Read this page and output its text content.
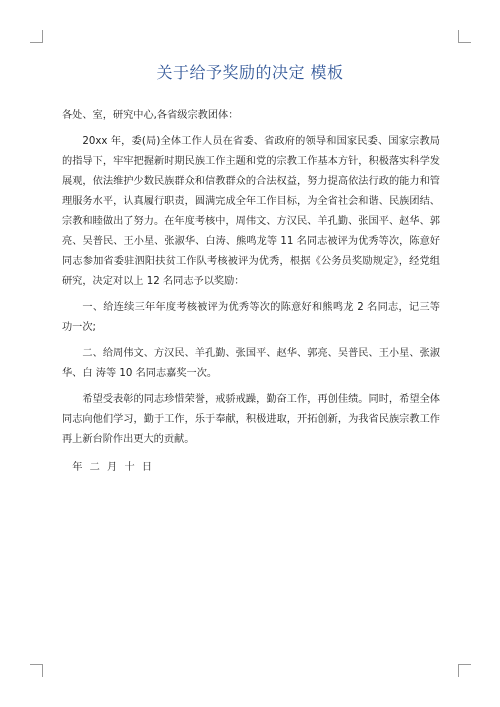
关于给予奖励的决定 模板

各处、室，研究中心,各省级宗教团体：

20xx 年，委(局)全体工作人员在省委、省政府的领导和国家民委、国家宗教局的指导下，牢牢把握新时期民族工作主题和党的宗教工作基本方针，积极落实科学发展观，依法维护少数民族群众和信教群众的合法权益，努力提高依法行政的能力和管理服务水平，认真履行职责，圆满完成全年工作目标，为全省社会和谐、民族团结、宗教和睦做出了努力。在年度考核中，周伟文、方汉民、羊孔勤、张国平、赵华、郭亮、吴普民、王小星、张淑华、白涛、熊鸣龙等 11 名同志被评为优秀等次，陈意好同志参加省委驻泗阳扶贫工作队考核被评为优秀，根据《公务员奖励规定》，经党组研究，决定对以上 12 名同志予以奖励：

一、给连续三年年度考核被评为优秀等次的陈意好和熊鸣龙 2 名同志，记三等功一次;

二、给周伟文、方汉民、羊孔勤、张国平、赵华、郭亮、吴普民、王小星、张淑华、白 涛等 10 名同志嘉奖一次。

希望受表彰的同志珍惜荣誉，戒骄戒躁，勤奋工作，再创佳绩。同时，希望全体同志向他们学习，勤于工作，乐于奉献，积极进取，开拓创新，为我省民族宗教工作再上新台阶作出更大的贡献。

年 二 月 十 日
